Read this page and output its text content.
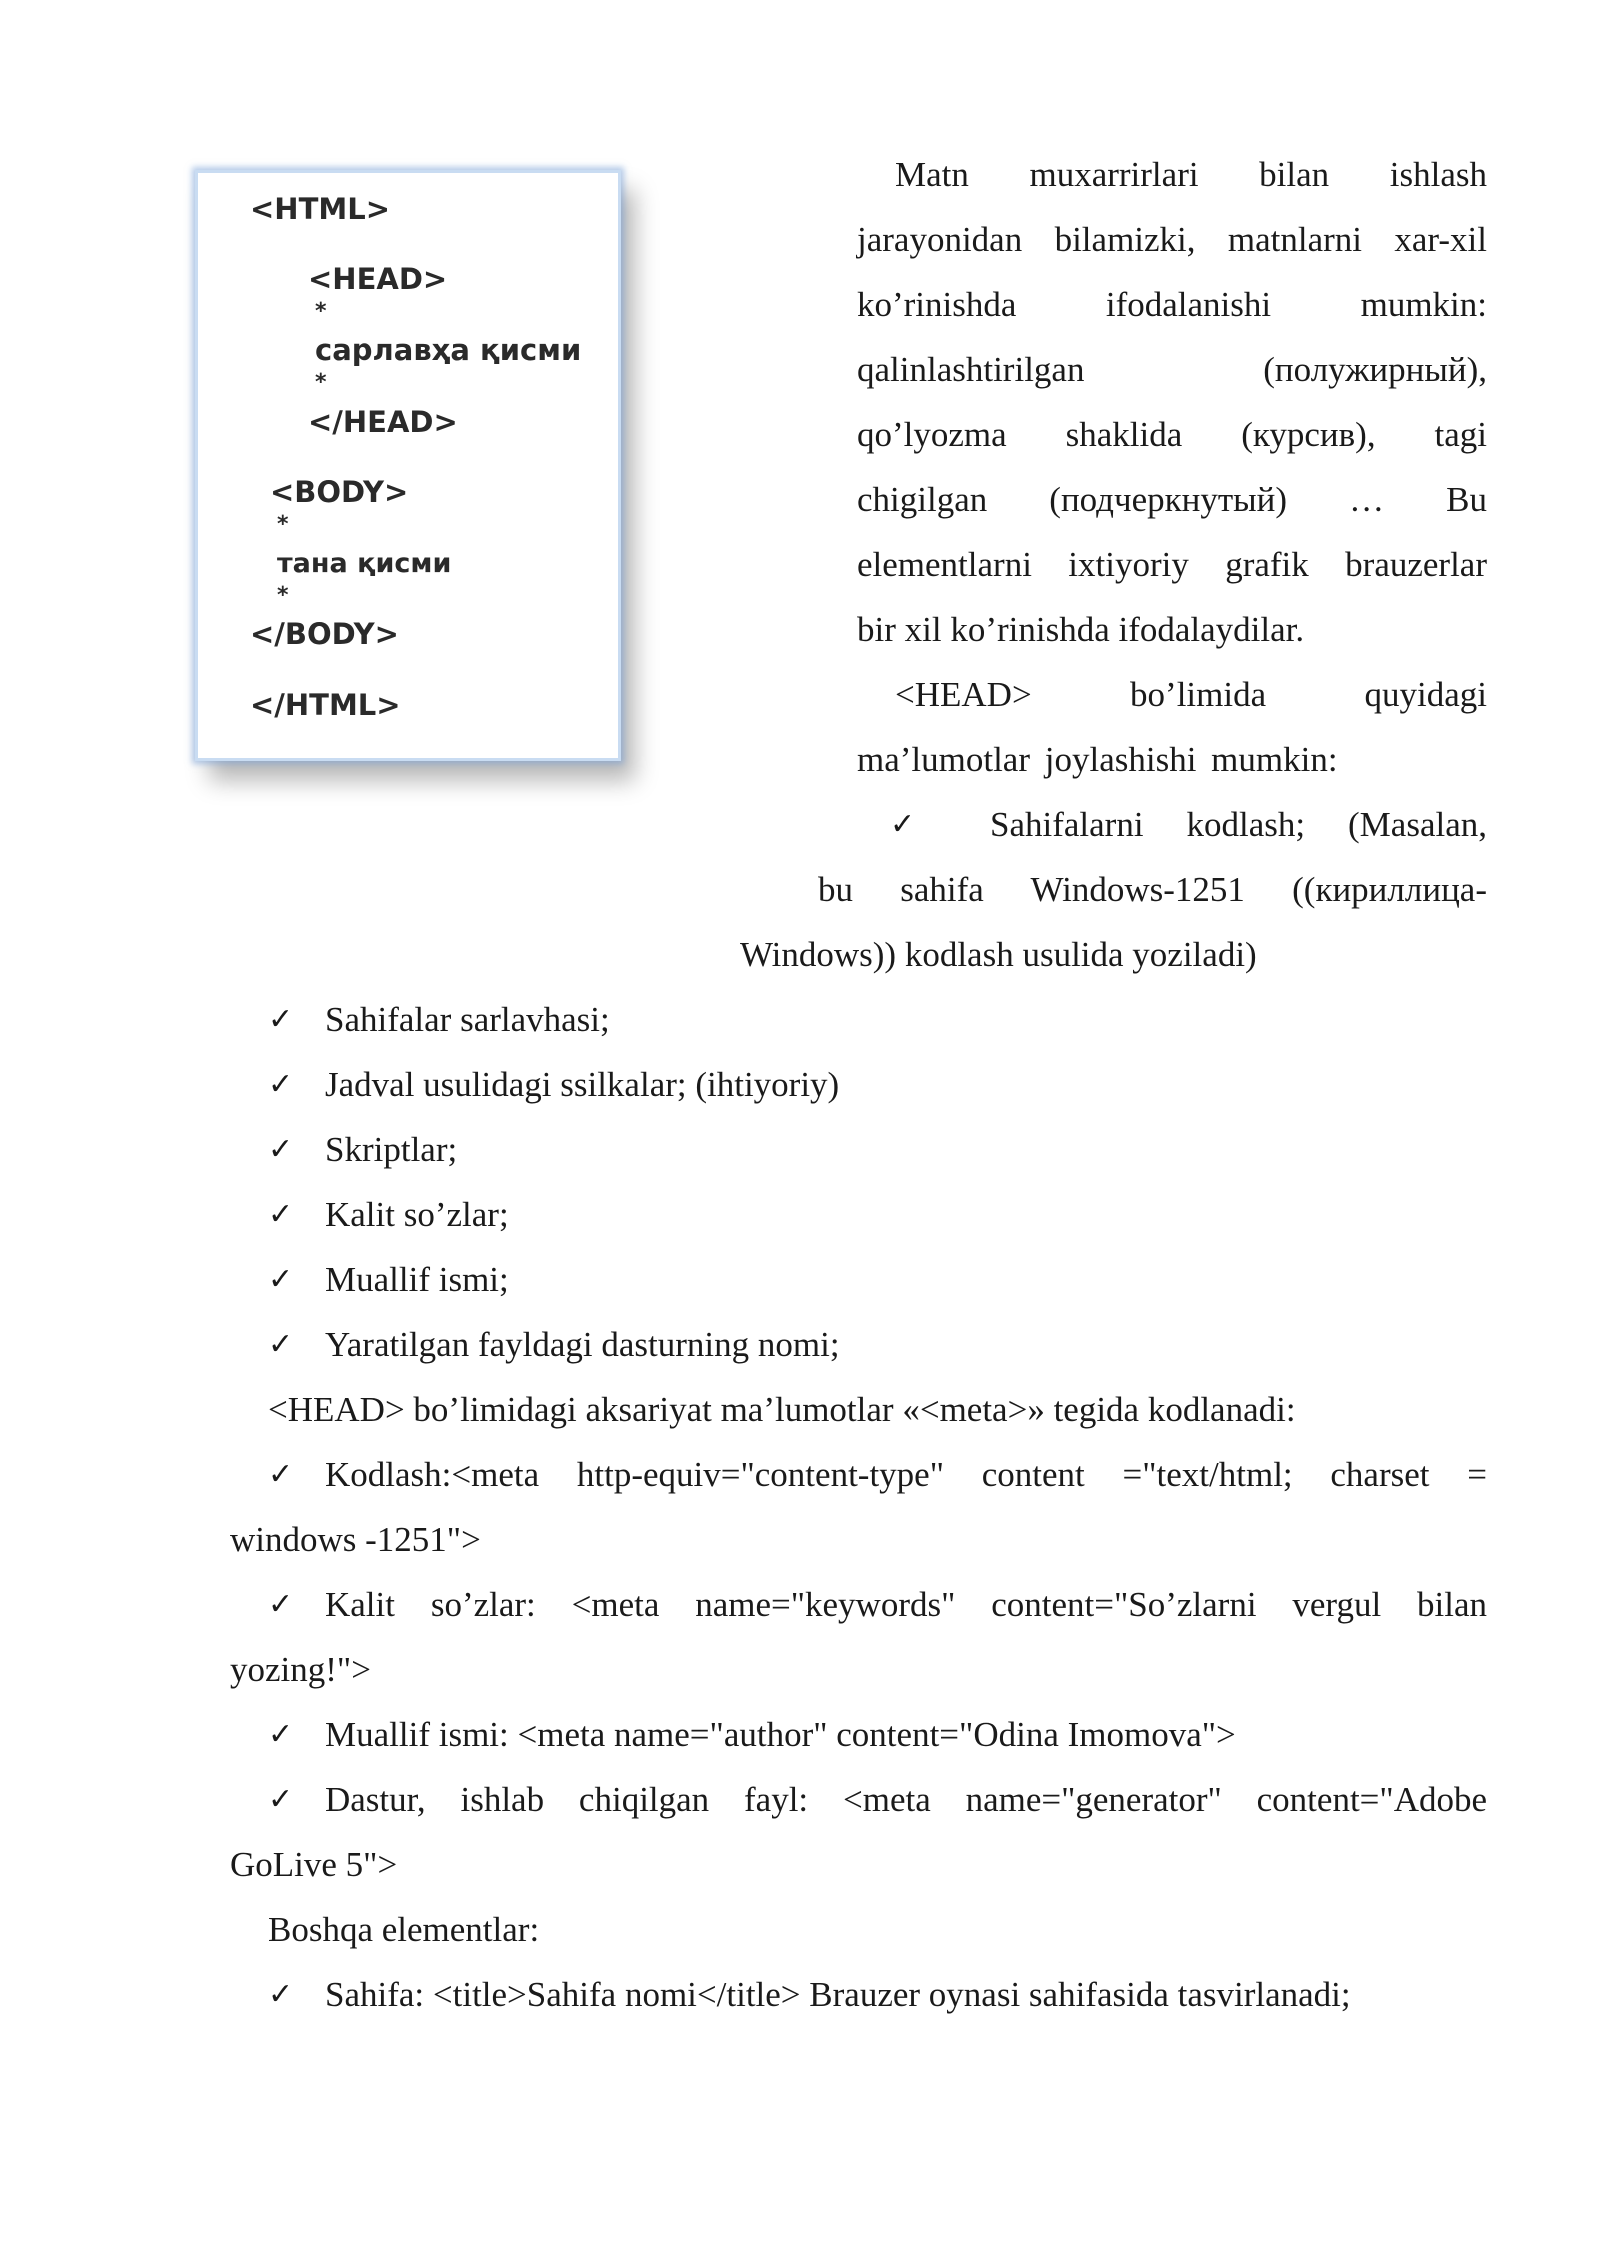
<HTML>
<HEAD>
*
сарлавҳа қисми
*
</HEAD>
<BODY>
*
тана қисми
*
</BODY>
</HTML>
Matn muxarrirlari bilan ishlash
jarayonidan bilamizki, matnlarni xar-xil
ko’rinishda ifodalanishi mumkin:
qalinlashtirilgan (полужирный),
qo’lyozma shaklida (курсив), tagi
chigilgan (подчеркнутый) … Bu
elementlarni ixtiyoriy grafik brauzerlar
bir xil ko’rinishda ifodalaydilar.
<HEAD> bo’limida quyidagi
ma’lumotlar joylashishi mumkin:
✓ Sahifalarni kodlash; (Masalan,
bu sahifa Windows-1251 ((кириллица-
Windows)) kodlash usulida yoziladi)
✓ Sahifalar sarlavhasi;
✓ Jadval usulidagi ssilkalar; (ihtiyoriy)
✓ Skriptlar;
✓ Kalit so’zlar;
✓ Muallif ismi;
✓ Yaratilgan fayldagi dasturning nomi;
<HEAD> bo’limidagi aksariyat ma’lumotlar «<meta>» tegida kodlanadi:
✓ Kodlash:<meta http-equiv="content-type" content ="text/html; charset =
windows -1251">
✓ Kalit so’zlar: <meta name="keywords" content="So’zlarni vergul bilan
yozing!">
✓ Muallif ismi: <meta name="author" content="Odina Imomova">
✓ Dastur, ishlab chiqilgan fayl: <meta name="generator" content="Adobe
GoLive 5">
Boshqa elementlar:
✓ Sahifa: <title>Sahifa nomi</title> Brauzer oynasi sahifasida tasvirlanadi;
